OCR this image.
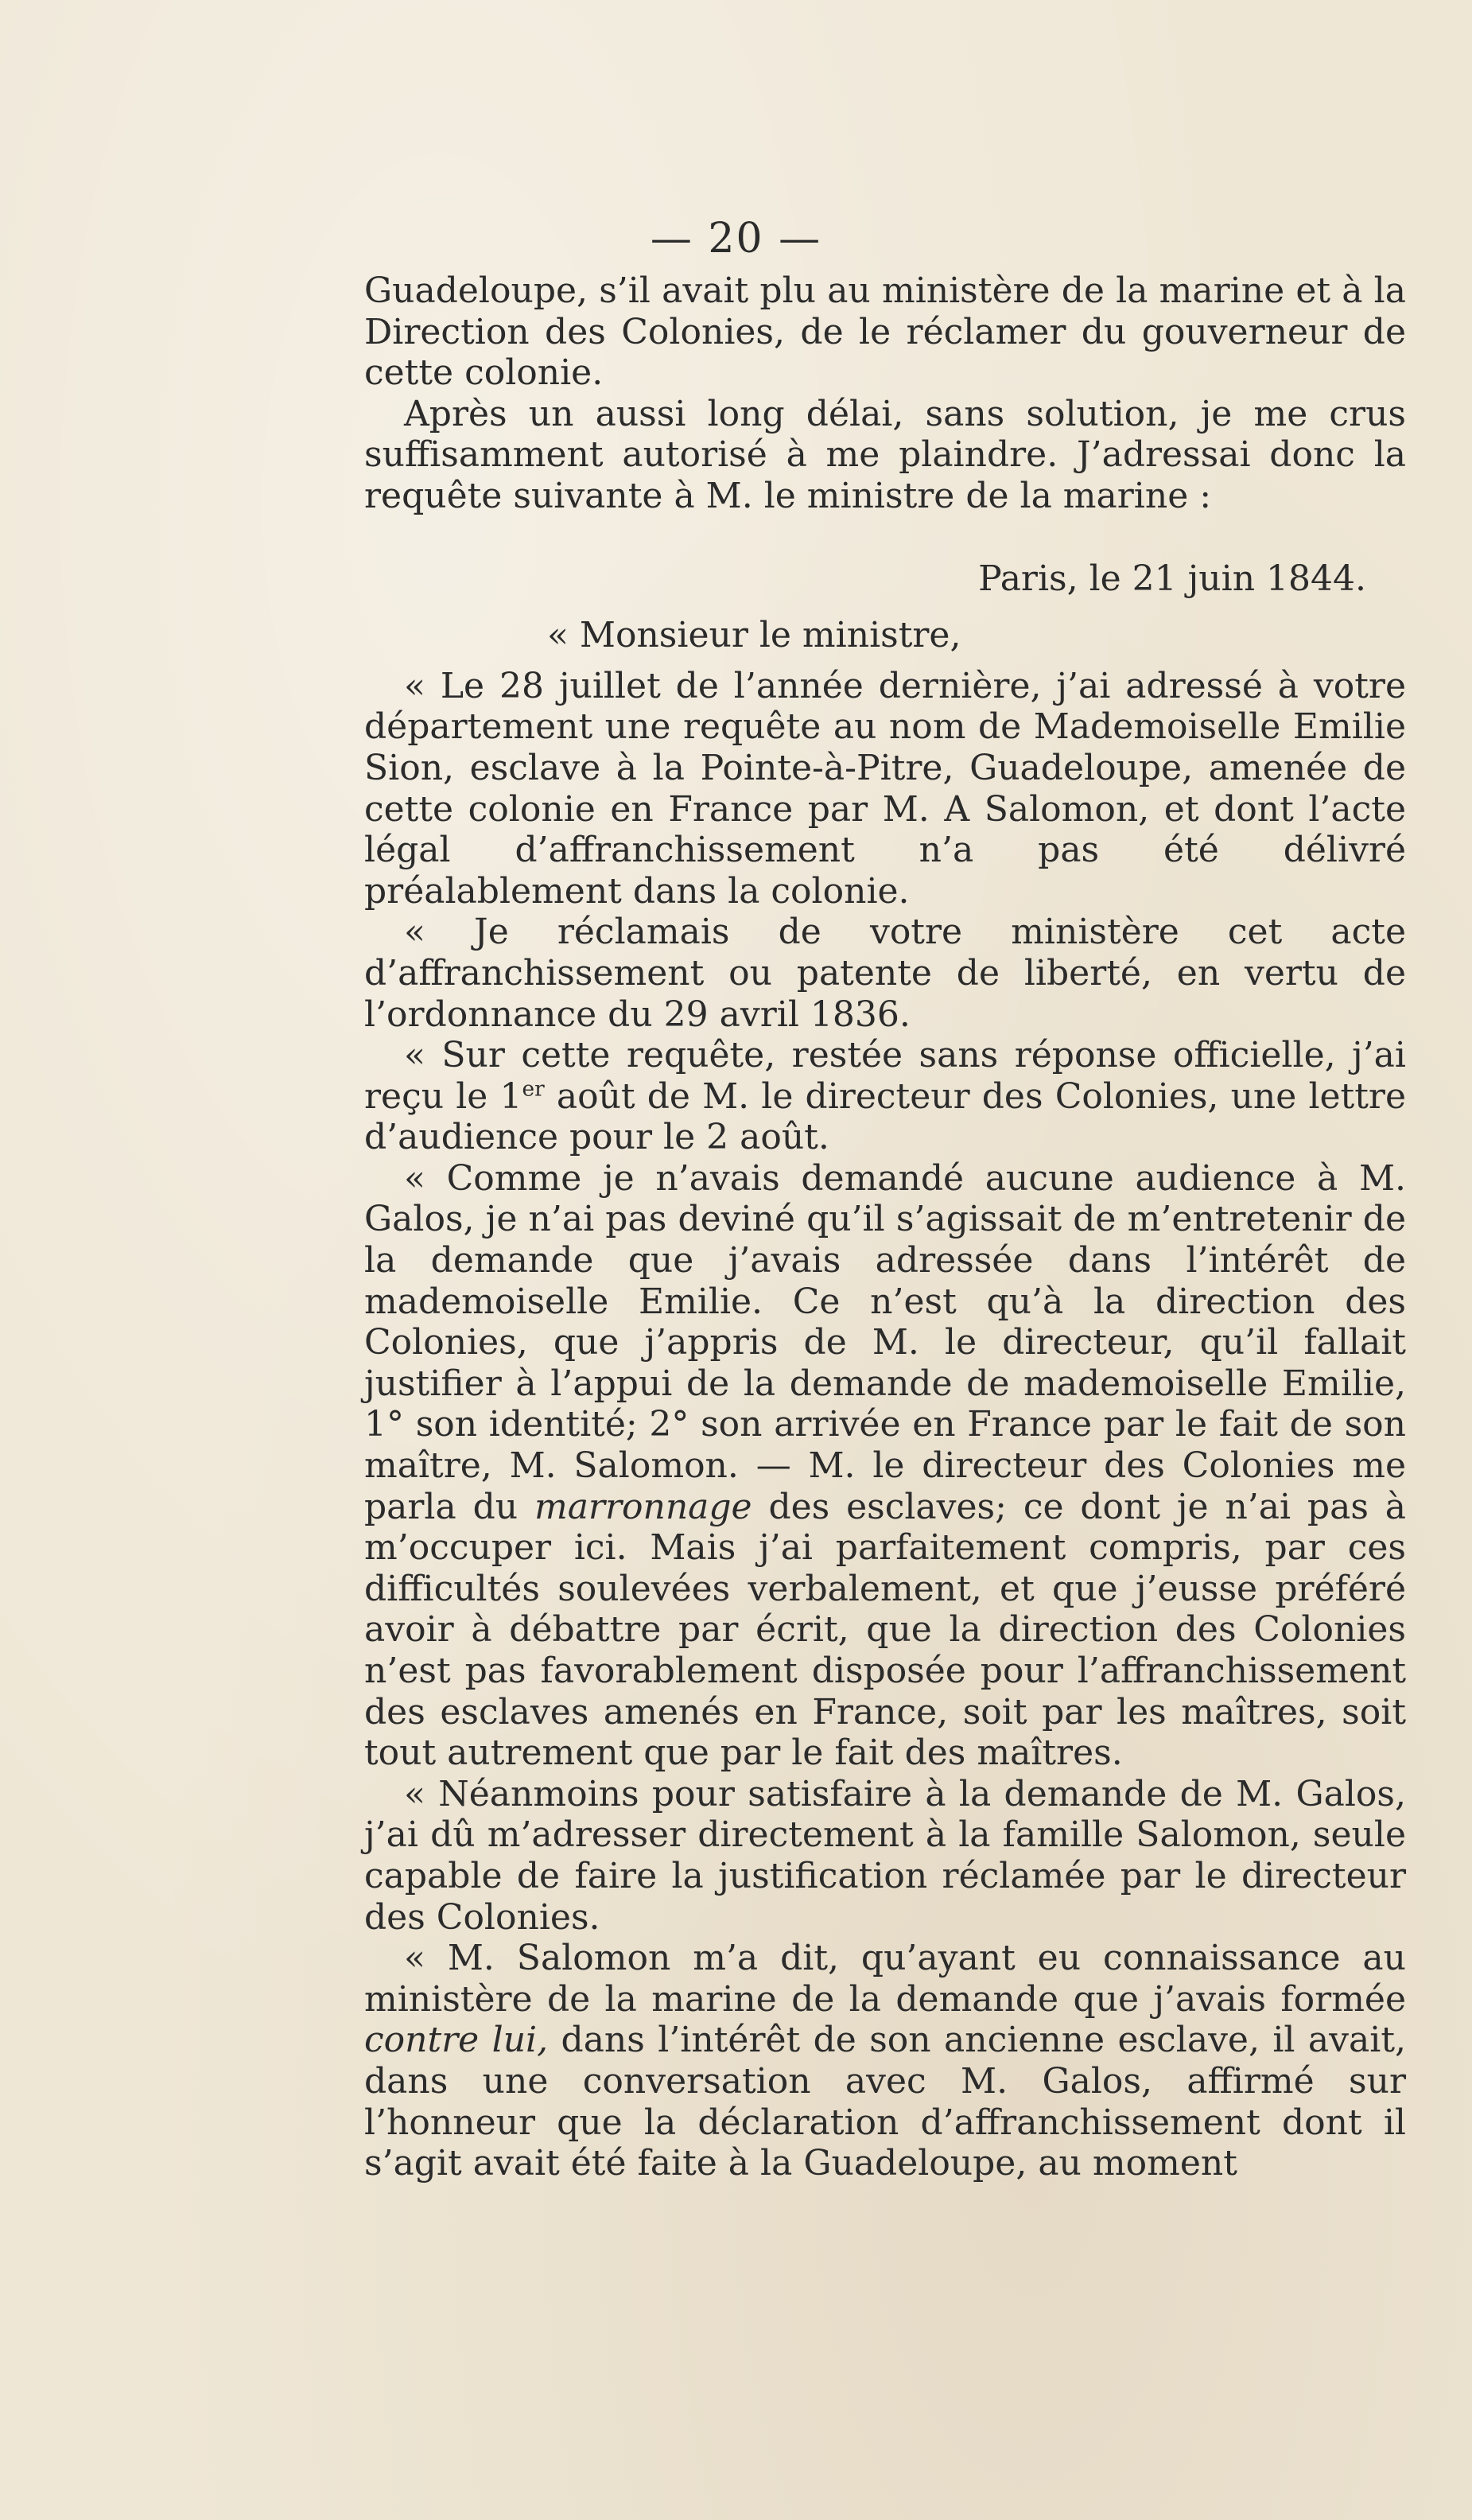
— 20 —

Guadeloupe, s’il avait plu au ministère de la marine et à la Direction des Colonies, de le réclamer du gouverneur de cette colonie.

Après un aussi long délai, sans solution, je me crus suffisamment autorisé à me plaindre. J’adressai donc la requête suivante à M. le ministre de la marine :

Paris, le 21 juin 1844.

« Monsieur le ministre,

« Le 28 juillet de l’année dernière, j’ai adressé à votre département une requête au nom de Mademoiselle Emilie Sion, esclave à la Pointe-à-Pitre, Guadeloupe, amenée de cette colonie en France par M. A Salomon, et dont l’acte légal d’affranchissement n’a pas été délivré préalablement dans la colonie.

« Je réclamais de votre ministère cet acte d’affranchissement ou patente de liberté, en vertu de l’ordonnance du 29 avril 1836.

« Sur cette requête, restée sans réponse officielle, j’ai reçu le 1er août de M. le directeur des Colonies, une lettre d’audience pour le 2 août.

« Comme je n’avais demandé aucune audience à M. Galos, je n’ai pas deviné qu’il s’agissait de m’entretenir de la demande que j’avais adressée dans l’intérêt de mademoiselle Emilie. Ce n’est qu’à la direction des Colonies, que j’appris de M. le directeur, qu’il fallait justifier à l’appui de la demande de mademoiselle Emilie, 1° son identité; 2° son arrivée en France par le fait de son maître, M. Salomon. — M. le directeur des Colonies me parla du marronnage des esclaves; ce dont je n’ai pas à m’occuper ici. Mais j’ai parfaitement compris, par ces difficultés soulevées verbalement, et que j’eusse préféré avoir à débattre par écrit, que la direction des Colonies n’est pas favorablement disposée pour l’affranchissement des esclaves amenés en France, soit par les maîtres, soit tout autrement que par le fait des maîtres.

« Néanmoins pour satisfaire à la demande de M. Galos, j’ai dû m’adresser directement à la famille Salomon, seule capable de faire la justification réclamée par le directeur des Colonies.

« M. Salomon m’a dit, qu’ayant eu connaissance au ministère de la marine de la demande que j’avais formée contre lui, dans l’intérêt de son ancienne esclave, il avait, dans une conversation avec M. Galos, affirmé sur l’honneur que la déclaration d’affranchissement dont il s’agit avait été faite à la Guadeloupe, au moment
